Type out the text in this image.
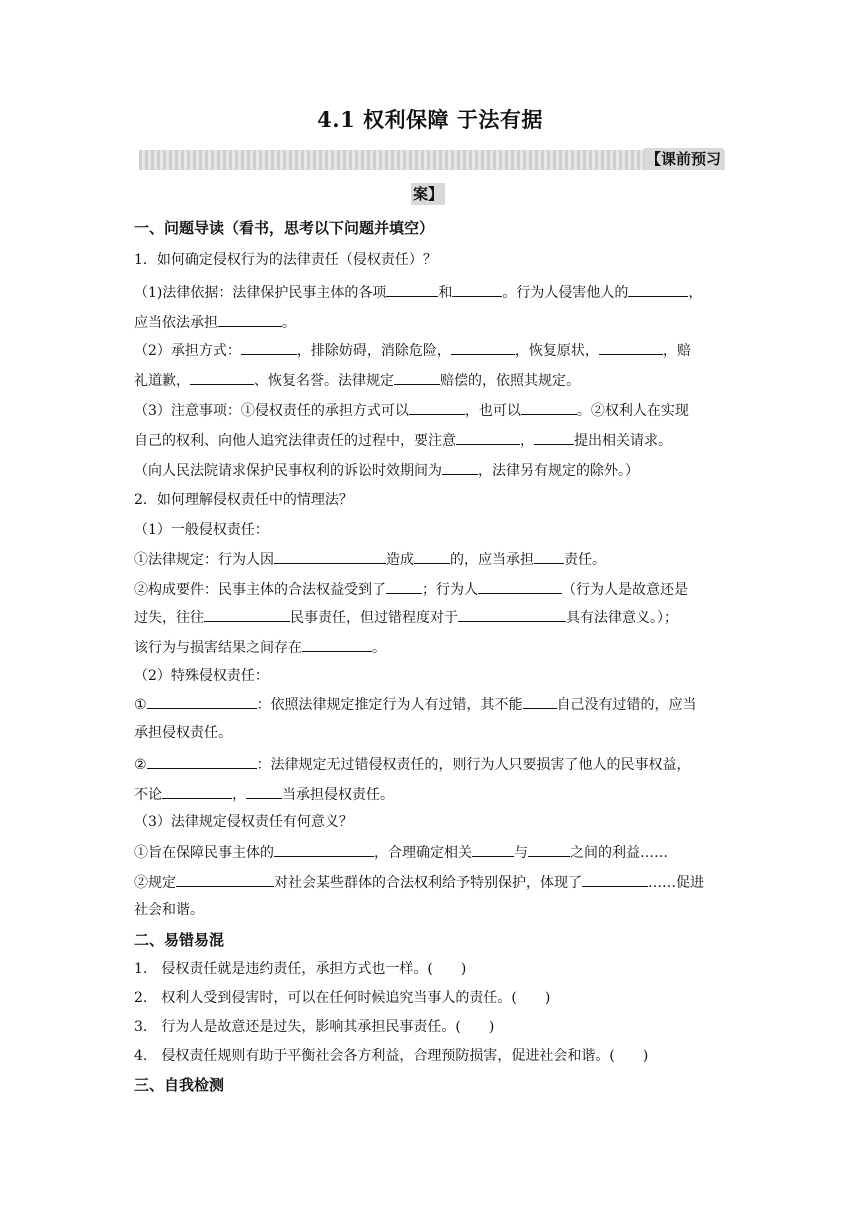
4.1 权利保障 于法有据
【课前预习
案】
一、问题导读（看书，思考以下问题并填空）
1．如何确定侵权行为的法律责任（侵权责任）？
（1)法律依据：法律保护民事主体的各项	和	。行为人侵害他人的	，
应当依法承担	。
（2）承担方式：	，排除妨碍，消除危险，	，恢复原状，	，赔
礼道歉，	、恢复名誉。法律规定	赔偿的，依照其规定。
（3）注意事项：①侵权责任的承担方式可以	，也可以	。②权利人在实现
自己的权利、向他人追究法律责任的过程中，要注意	，	提出相关请求。
（向人民法院请求保护民事权利的诉讼时效期间为	，法律另有规定的除外。）
2．如何理解侵权责任中的情理法？
（1）一般侵权责任：
①法律规定：行为人因	造成	的，应当承担 责任。
②构成要件：民事主体的合法权益受到了	；行为人	（行为人是故意还是
过失，往往	民事责任，但过错程度对于	具有法律意义。）；
该行为与损害结果之间存在	。
（2）特殊侵权责任：
①	：依照法律规定推定行为人有过错，其不能 自己没有过错的，应当
承担侵权责任。
②	：法律规定无过错侵权责任的，则行为人只要损害了他人的民事权益，
不论	，	当承担侵权责任。
（3）法律规定侵权责任有何意义？
①旨在保障民事主体的	，合理确定相关	与	之间的利益……
②规定	对社会某些群体的合法权利给予特别保护，体现了	……促进
社会和谐。
二、易错易混
1.　侵权责任就是违约责任，承担方式也一样。(　　)
2.　权利人受到侵害时，可以在任何时候追究当事人的责任。(　　)
3.　行为人是故意还是过失，影响其承担民事责任。(　　)
4.　侵权责任规则有助于平衡社会各方利益，合理预防损害，促进社会和谐。(　　)
三、自我检测
